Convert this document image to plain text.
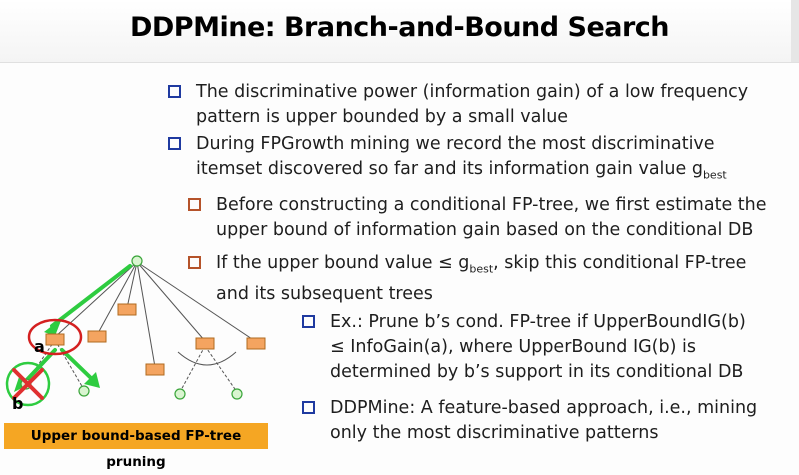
DDPMine: Branch-and-Bound Search
The discriminative power (information gain) of a low frequency pattern is upper bounded by a small value
During FPGrowth mining we record the most discriminative itemset discovered so far and its information gain value $g_{best}$
Before constructing a conditional FP-tree, we first estimate the upper bound of information gain based on the conditional DB
If the upper bound value ≤ $g_{best}$, skip this conditional FP-tree and its subsequent trees
Ex.: Prune b’s cond. FP-tree if UpperBoundIG(b) ≤ InfoGain(a), where UpperBound IG(b) is determined by b’s support in its conditional DB
DDPMine: A feature-based approach, i.e., mining only the most discriminative patterns
a
b
Upper bound-based FP-tree pruning
